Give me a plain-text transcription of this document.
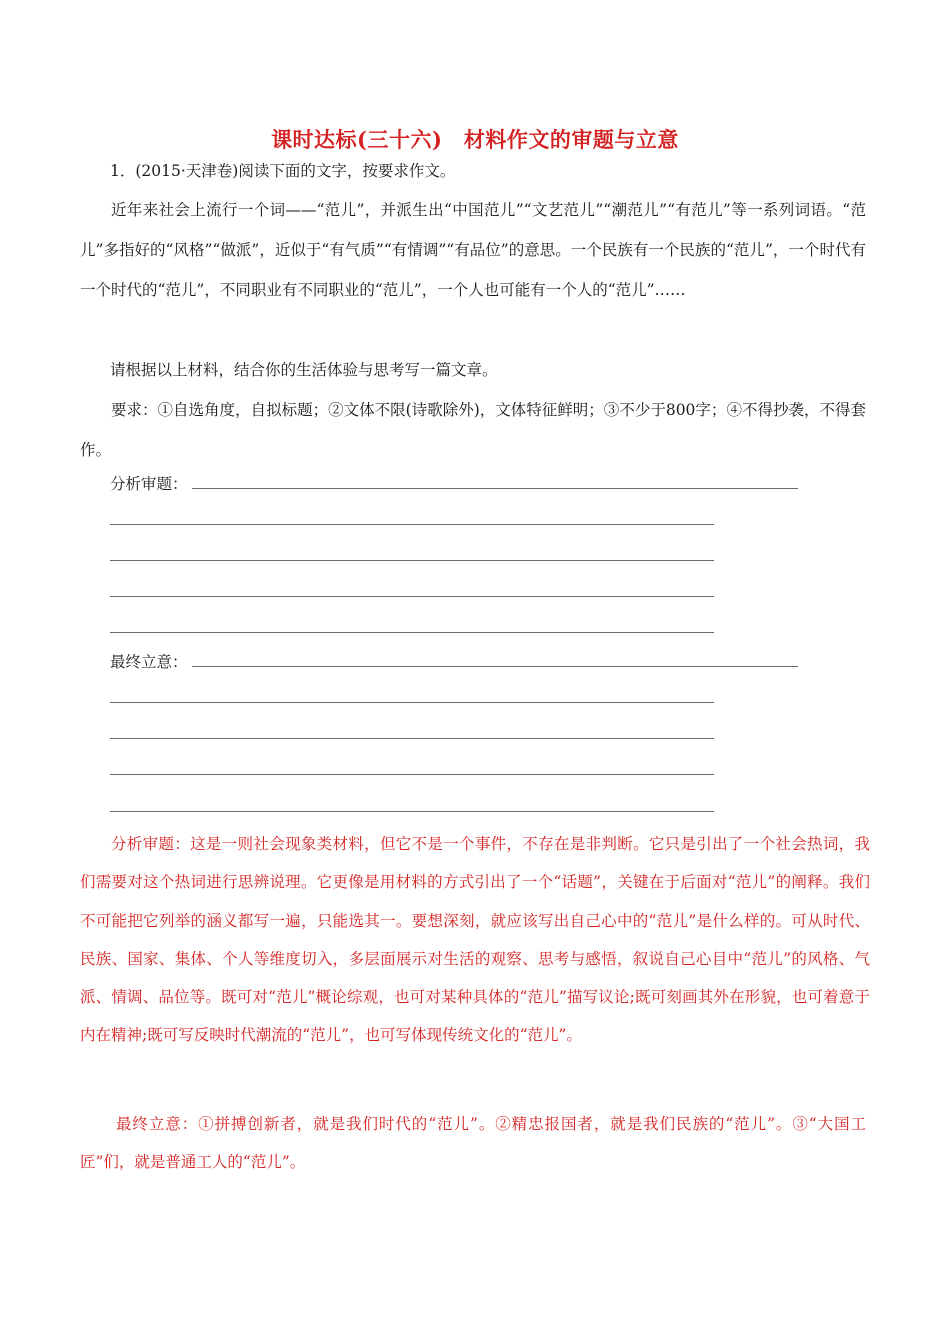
课时达标(三十六)　材料作文的审题与立意

1．(2015·天津卷)阅读下面的文字，按要求作文。

近年来社会上流行一个词——“范儿”，并派生出“中国范儿”“文艺范儿”“潮范儿”“有范儿”等一系列词语。“范儿”多指好的“风格”“做派”，近似于“有气质”“有情调”“有品位”的意思。一个民族有一个民族的“范儿”，一个时代有一个时代的“范儿”，不同职业有不同职业的“范儿”，一个人也可能有一个人的“范儿”……

请根据以上材料，结合你的生活体验与思考写一篇文章。

要求：①自选角度，自拟标题；②文体不限(诗歌除外)，文体特征鲜明；③不少于800字；④不得抄袭，不得套作。

分析审题：
最终立意：

分析审题：这是一则社会现象类材料，但它不是一个事件，不存在是非判断。它只是引出了一个社会热词，我们需要对这个热词进行思辨说理。它更像是用材料的方式引出了一个“话题”，关键在于后面对“范儿”的阐释。我们不可能把它列举的涵义都写一遍，只能选其一。要想深刻，就应该写出自己心中的“范儿”是什么样的。可从时代、民族、国家、集体、个人等维度切入，多层面展示对生活的观察、思考与感悟，叙说自己心目中“范儿”的风格、气派、情调、品位等。既可对“范儿”概论综观，也可对某种具体的“范儿”描写议论;既可刻画其外在形貌，也可着意于内在精神;既可写反映时代潮流的“范儿”，也可写体现传统文化的“范儿”。

最终立意：①拼搏创新者，就是我们时代的“范儿”。②精忠报国者，就是我们民族的“范儿”。③“大国工匠”们，就是普通工人的“范儿”。
